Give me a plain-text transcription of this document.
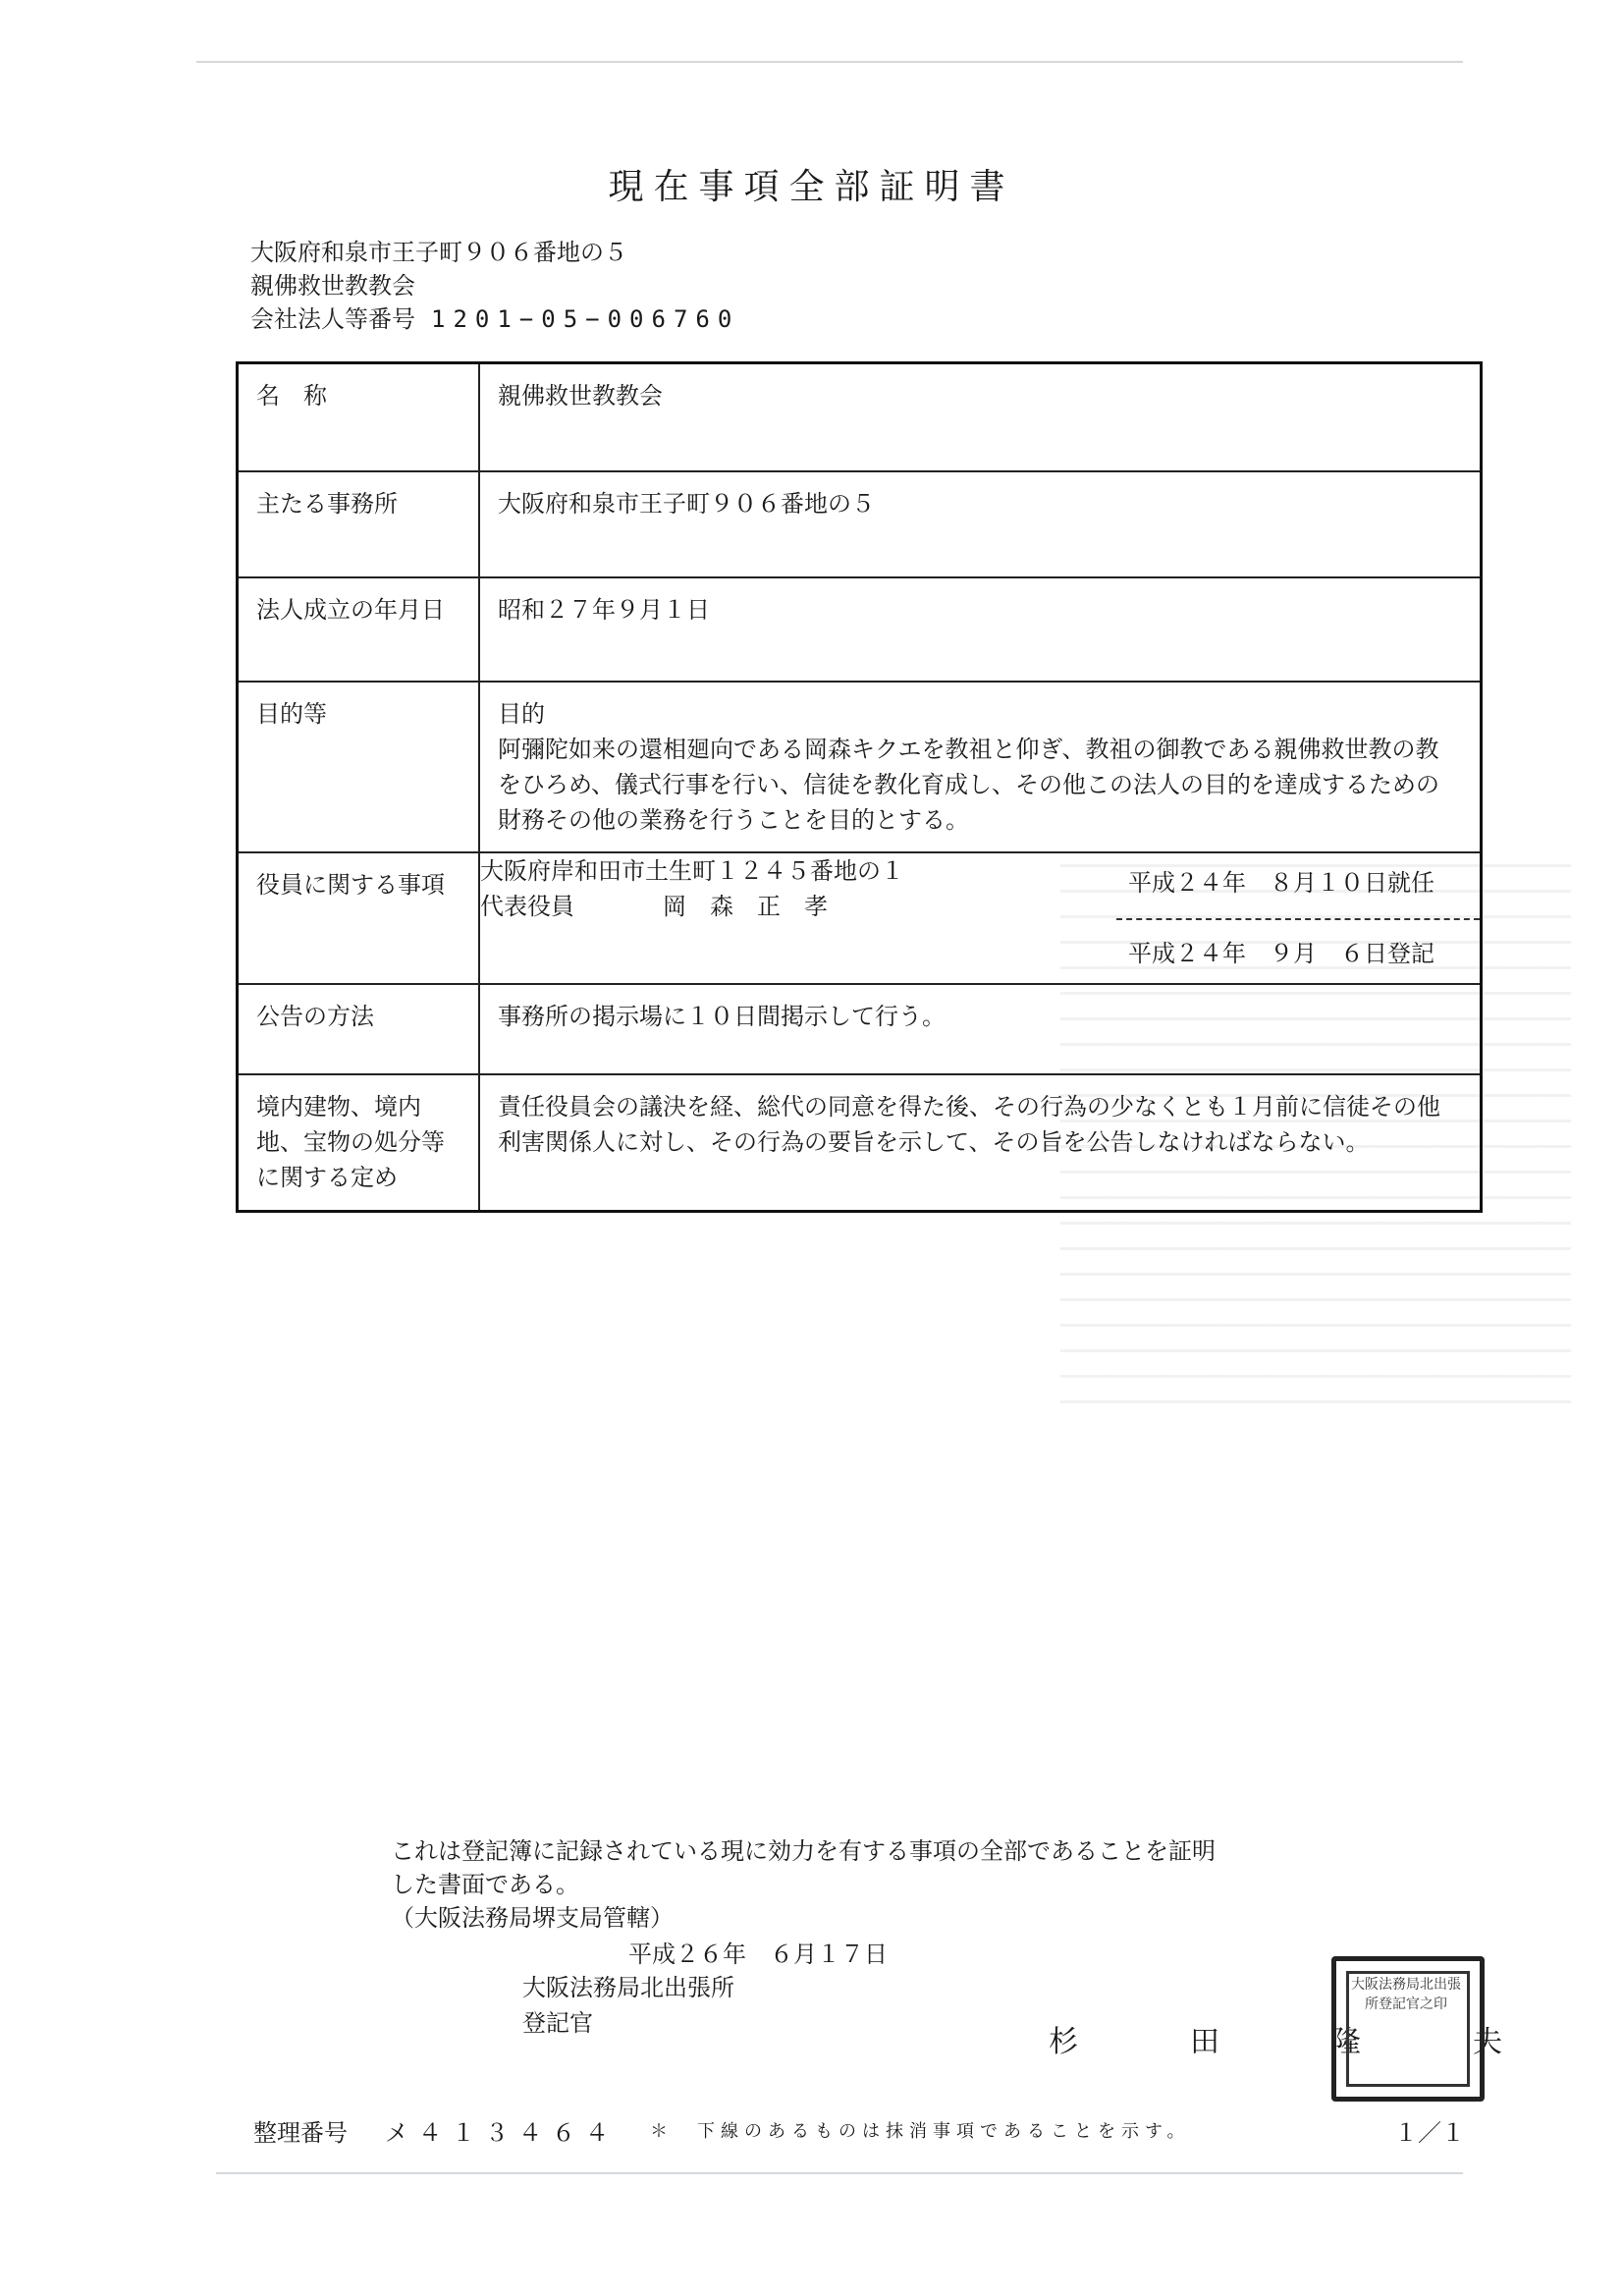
現在事項全部証明書
大阪府和泉市王子町９０６番地の５
親佛救世教教会
会社法人等番号 1201−05−006760
名　称	親佛救世教教会
主たる事務所	大阪府和泉市王子町９０６番地の５
法人成立の年月日	昭和２７年９月１日
目的等	目的
阿彌陀如来の還相廻向である岡森キクエを教祖と仰ぎ、教祖の御教である親佛救世教の教をひろめ、儀式行事を行い、信徒を教化育成し、その他この法人の目的を達成するための財務その他の業務を行うことを目的とする。

役員に関する事項	大阪府岸和田市土生町１２４５番地の１
代表役員	岡　森　正　孝

平成２４年　８月１０日就任
平成２４年　９月　６日登記

公告の方法	事務所の掲示場に１０日間掲示して行う。
境内建物、境内地、宝物の処分等に関する定め	責任役員会の議決を経、総代の同意を得た後、その行為の少なくとも１月前に信徒その他利害関係人に対し、その行為の要旨を示して、その旨を公告しなければならない。
これは登記簿に記録されている現に効力を有する事項の全部であることを証明
した書面である。
（大阪法務局堺支局管轄）
平成２６年　６月１７日
大阪法務局北出張所
登記官
杉　田　隆　夫
大阪法務局北出張所登記官之印
整理番号 メ４１３４６４ ＊　下線のあるものは抹消事項であることを示す。	１／１
